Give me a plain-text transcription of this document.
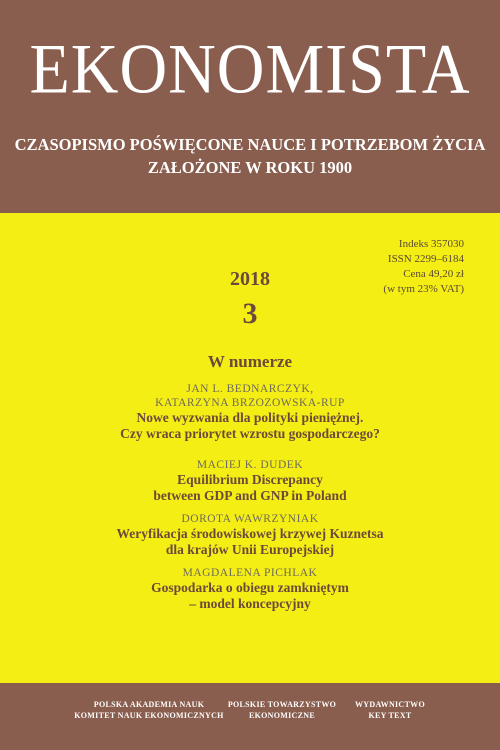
EKONOMISTA
CZASOPISMO POŚWIĘCONE NAUCE I POTRZEBOM ŻYCIA
ZAŁOŻONE W ROKU 1900
Indeks 357030
ISSN 2299–6184
Cena 49,20 zł
(w tym 23% VAT)
2018
3
W numerze
JAN L. BEDNARCZYK,
KATARZYNA BRZOZOWSKA-RUP
Nowe wyzwania dla polityki pieniężnej.
Czy wraca priorytet wzrostu gospodarczego?
MACIEJ K. DUDEK
Equilibrium Discrepancy
between GDP and GNP in Poland
DOROTA WAWRZYNIAK
Weryfikacja środowiskowej krzywej Kuznetsa
dla krajów Unii Europejskiej
MAGDALENA PICHLAK
Gospodarka o obiegu zamkniętym
– model koncepcyjny
POLSKA AKADEMIA NAUK
KOMITET NAUK EKONOMICZNYCH
POLSKIE TOWARZYSTWO
EKONOMICZNE
WYDAWNICTWO
KEY TEXT
